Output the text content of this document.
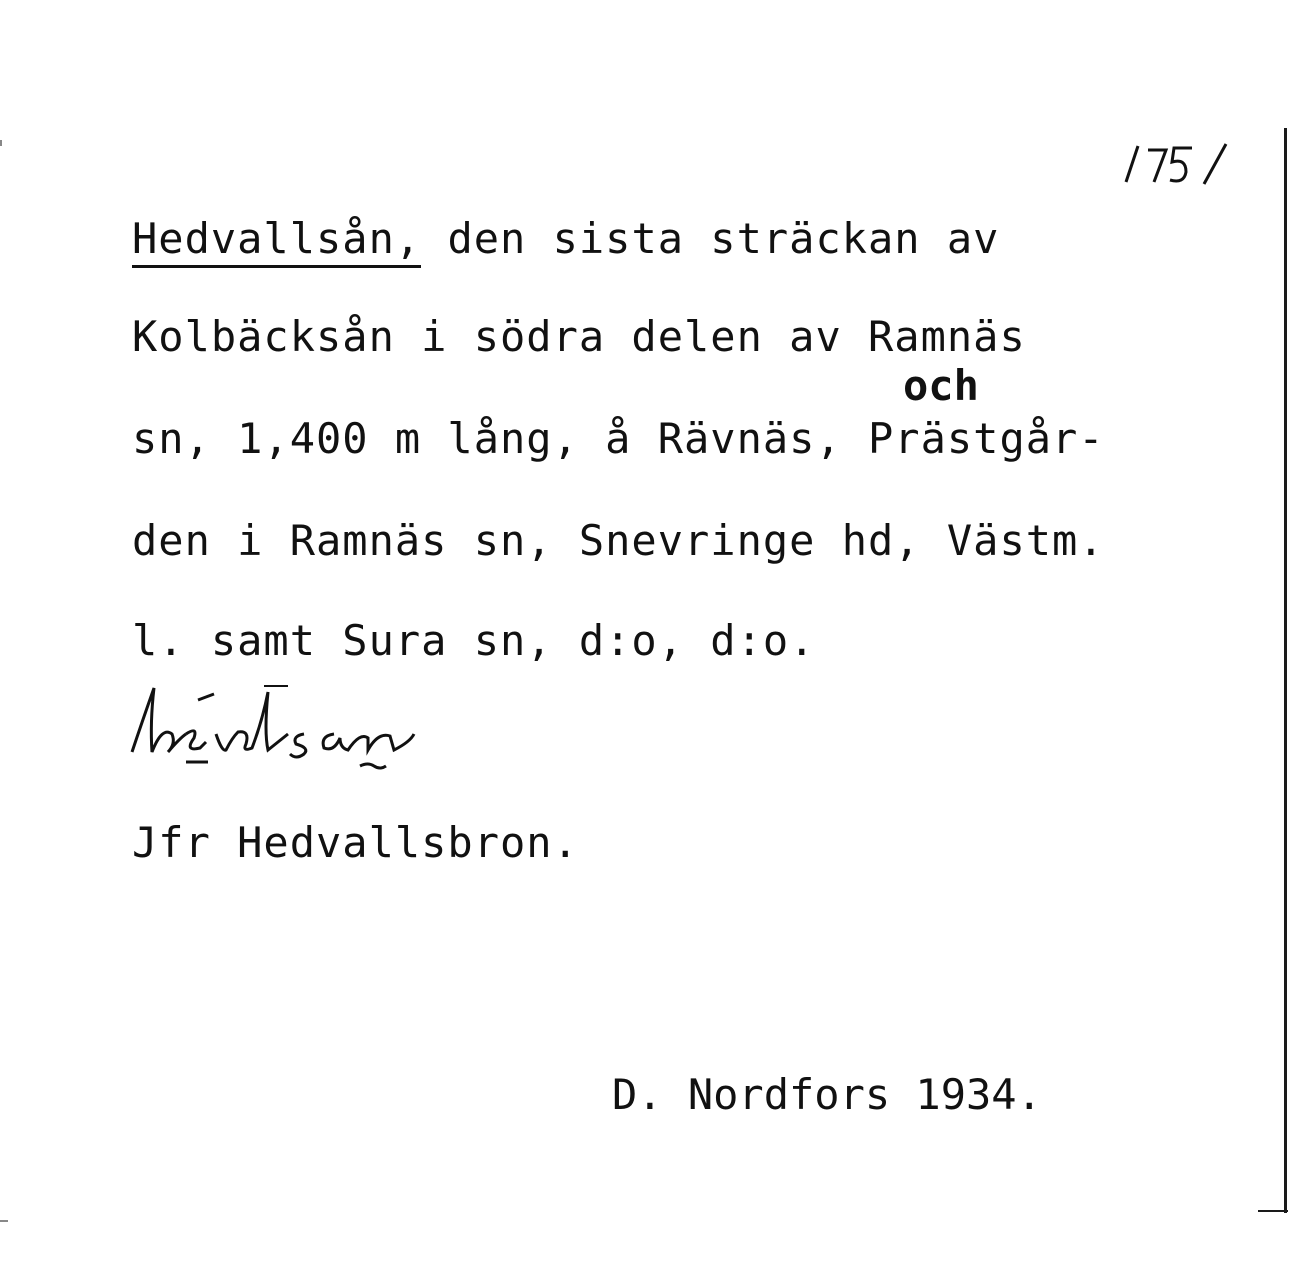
Hedvallsån, den sista sträckan av
Kolbäcksån i södra delen av Ramnäs
och
sn, 1,400 m lång, å Rävnäs, Prästgår-
den i Ramnäs sn, Snevringe hd, Västm.
l. samt Sura sn, d:o, d:o.
Jfr Hedvallsbron.
D. Nordfors 1934.
